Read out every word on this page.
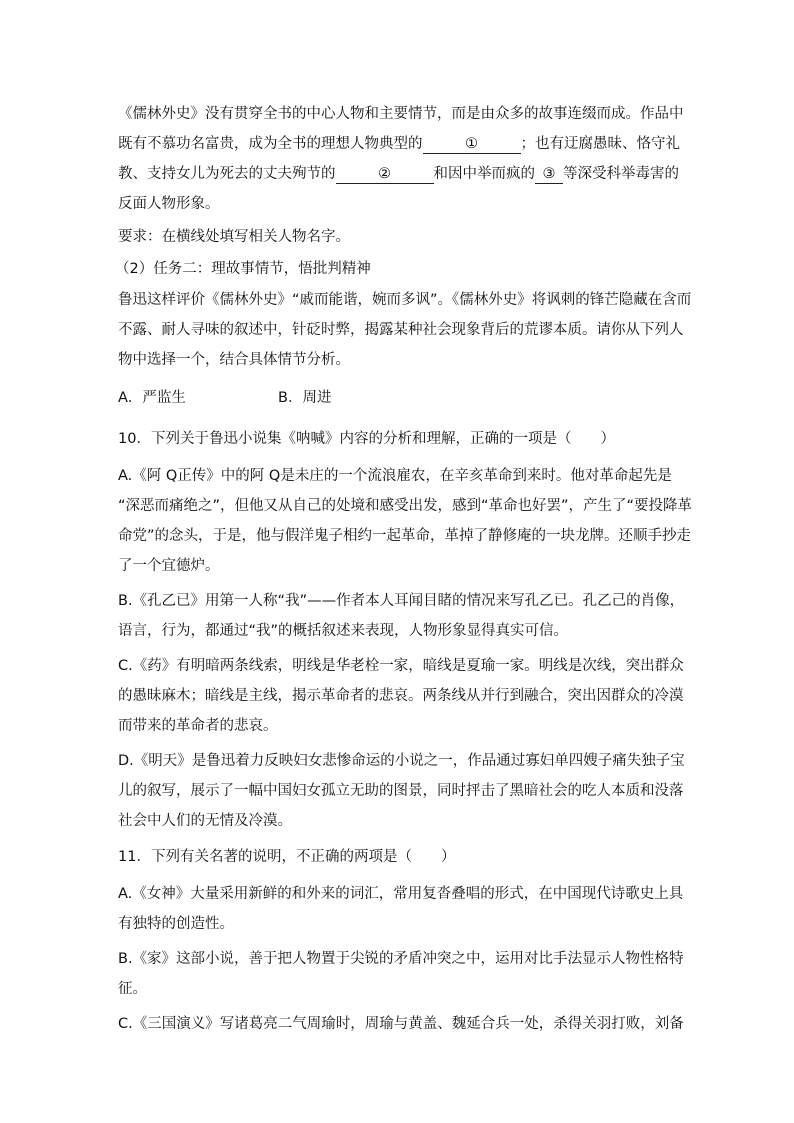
《儒林外史》没有贯穿全书的中心人物和主要情节，而是由众多的故事连缀而成。作品中
既有不慕功名富贵，成为全书的理想人物典型的	①	；也有迂腐愚昧、恪守礼
教、支持女儿为死去的丈夫殉节的	②	和因中举而疯的 ③ 等深受科举毒害的
反面人物形象。
要求：在横线处填写相关人物名字。
（2）任务二：理故事情节，悟批判精神
鲁迅这样评价《儒林外史》“戚而能谐，婉而多讽”。《儒林外史》将讽刺的锋芒隐藏在含而
不露、耐人寻味的叙述中，针砭时弊，揭露某种社会现象背后的荒谬本质。请你从下列人
物中选择一个，结合具体情节分析。
A．严监生	B．周进
10．下列关于鲁迅小说集《呐喊》内容的分析和理解，正确的一项是（　　）
A.《阿 Q正传》中的阿 Q是未庄的一个流浪雇农，在辛亥革命到来时。他对革命起先是
“深恶而痛绝之”，但他又从自己的处境和感受出发，感到“革命也好罢”，产生了“要投降革
命党”的念头，于是，他与假洋鬼子相约一起革命，革掉了静修庵的一块龙牌。还顺手抄走
了一个宜德炉。
B.《孔乙已》用第一人称“我”——作者本人耳闻目睹的情况来写孔乙已。孔乙己的肖像，
语言，行为，都通过“我”的概括叙述来表现，人物形象显得真实可信。
C.《药》有明暗两条线索，明线是华老栓一家，暗线是夏瑜一家。明线是次线，突出群众
的愚昧麻木；暗线是主线，揭示革命者的悲哀。两条线从并行到融合，突出因群众的冷漠
而带来的革命者的悲哀。
D.《明天》是鲁迅着力反映妇女悲惨命运的小说之一，作品通过寡妇单四嫂子痛失独子宝
儿的叙写，展示了一幅中国妇女孤立无助的图景，同时抨击了黑暗社会的吃人本质和没落
社会中人们的无情及冷漠。
11．下列有关名著的说明，不正确的两项是（　　）
A.《女神》大量采用新鲜的和外来的词汇，常用复沓叠唱的形式，在中国现代诗歌史上具
有独特的创造性。
B.《家》这部小说，善于把人物置于尖锐的矛盾冲突之中，运用对比手法显示人物性格特
征。
C.《三国演义》写诸葛亮二气周瑜时，周瑜与黄盖、魏延合兵一处，杀得关羽打败，刘备
